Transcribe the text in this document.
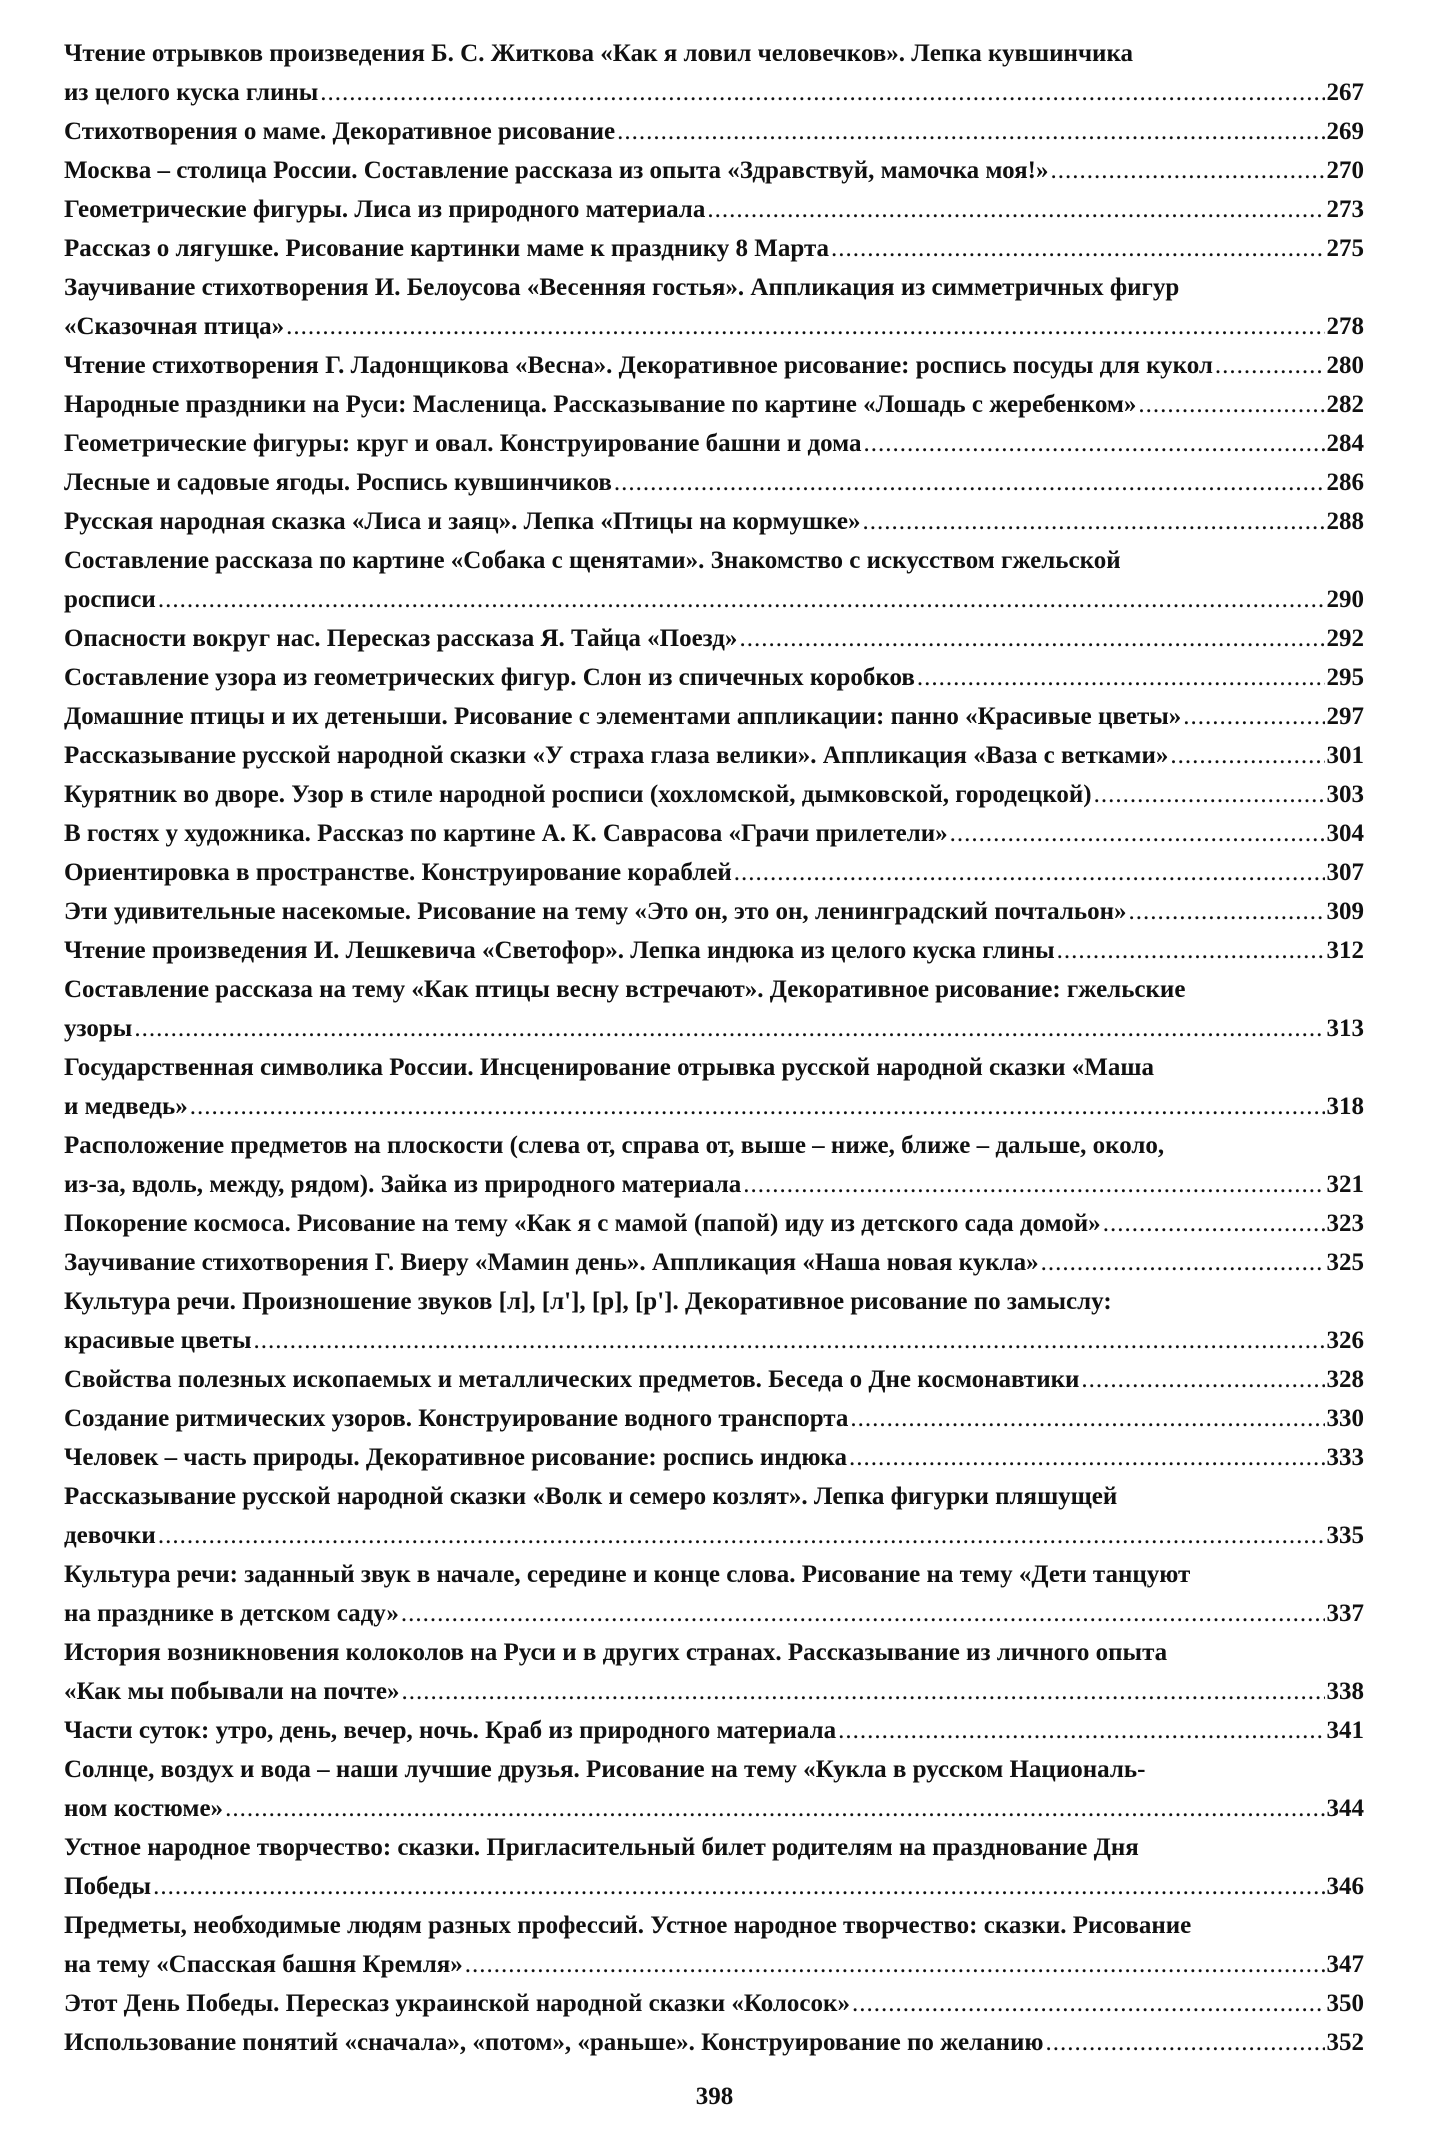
Чтение отрывков произведения Б. С. Житкова «Как я ловил человечков». Лепка кувшинчика
из целого куска глины .....	267
Стихотворения о маме. Декоративное рисование .....	269
Москва – столица России. Составление рассказа из опыта «Здравствуй, мамочка моя!» .....	270
Геометрические фигуры. Лиса из природного материала .....	273
Рассказ о лягушке. Рисование картинки маме к празднику 8 Марта .....	275
Заучивание стихотворения И. Белоусова «Весенняя гостья». Аппликация из симметричных фигур
«Сказочная птица» .....	278
Чтение стихотворения Г. Ладонщикова «Весна». Декоративное рисование: роспись посуды для кукол .....	280
Народные праздники на Руси: Масленица. Рассказывание по картине «Лошадь с жеребенком» .....	282
Геометрические фигуры: круг и овал. Конструирование башни и дома .....	284
Лесные и садовые ягоды. Роспись кувшинчиков .....	286
Русская народная сказка «Лиса и заяц». Лепка «Птицы на кормушке» .....	288
Составление рассказа по картине «Собака с щенятами». Знакомство с искусством гжельской
росписи .....	290
Опасности вокруг нас. Пересказ рассказа Я. Тайца «Поезд» .....	292
Составление узора из геометрических фигур. Слон из спичечных коробков .....	295
Домашние птицы и их детеныши. Рисование с элементами аппликации: панно «Красивые цветы» .....	297
Рассказывание русской народной сказки «У страха глаза велики». Аппликация «Ваза с ветками» .....	301
Курятник во дворе. Узор в стиле народной росписи (хохломской, дымковской, городецкой) .....	303
В гостях у художника. Рассказ по картине А. К. Саврасова «Грачи прилетели» .....	304
Ориентировка в пространстве. Конструирование кораблей .....	307
Эти удивительные насекомые. Рисование на тему «Это он, это он, ленинградский почтальон» .....	309
Чтение произведения И. Лешкевича «Светофор». Лепка индюка из целого куска глины .....	312
Составление рассказа на тему «Как птицы весну встречают». Декоративное рисование: гжельские
узоры .....	313
Государственная символика России. Инсценирование отрывка русской народной сказки «Маша
и медведь» .....	318
Расположение предметов на плоскости (слева от, справа от, выше – ниже, ближе – дальше, около,
из-за, вдоль, между, рядом). Зайка из природного материала .....	321
Покорение космоса. Рисование на тему «Как я с мамой (папой) иду из детского сада домой» .....	323
Заучивание стихотворения Г. Виеру «Мамин день». Аппликация «Наша новая кукла» .....	325
Культура речи. Произношение звуков [л], [л'], [р], [р']. Декоративное рисование по замыслу:
красивые цветы .....	326
Свойства полезных ископаемых и металлических предметов. Беседа о Дне космонавтики .....	328
Создание ритмических узоров. Конструирование водного транспорта .....	330
Человек – часть природы. Декоративное рисование: роспись индюка .....	333
Рассказывание русской народной сказки «Волк и семеро козлят». Лепка фигурки пляшущей
девочки .....	335
Культура речи: заданный звук в начале, середине и конце слова. Рисование на тему «Дети танцуют
на празднике в детском саду» .....	337
История возникновения колоколов на Руси и в других странах. Рассказывание из личного опыта
«Как мы побывали на почте» .....	338
Части суток: утро, день, вечер, ночь. Краб из природного материала .....	341
Солнце, воздух и вода – наши лучшие друзья. Рисование на тему «Кукла в русском Националь-
ном костюме» .....	344
Устное народное творчество: сказки. Пригласительный билет родителям на празднование Дня
Победы .....	346
Предметы, необходимые людям разных профессий. Устное народное творчество: сказки. Рисование
на тему «Спасская башня Кремля» .....	347
Этот День Победы. Пересказ украинской народной сказки «Колосок» .....	350
Использование понятий «сначала», «потом», «раньше». Конструирование по желанию .....	352
398
